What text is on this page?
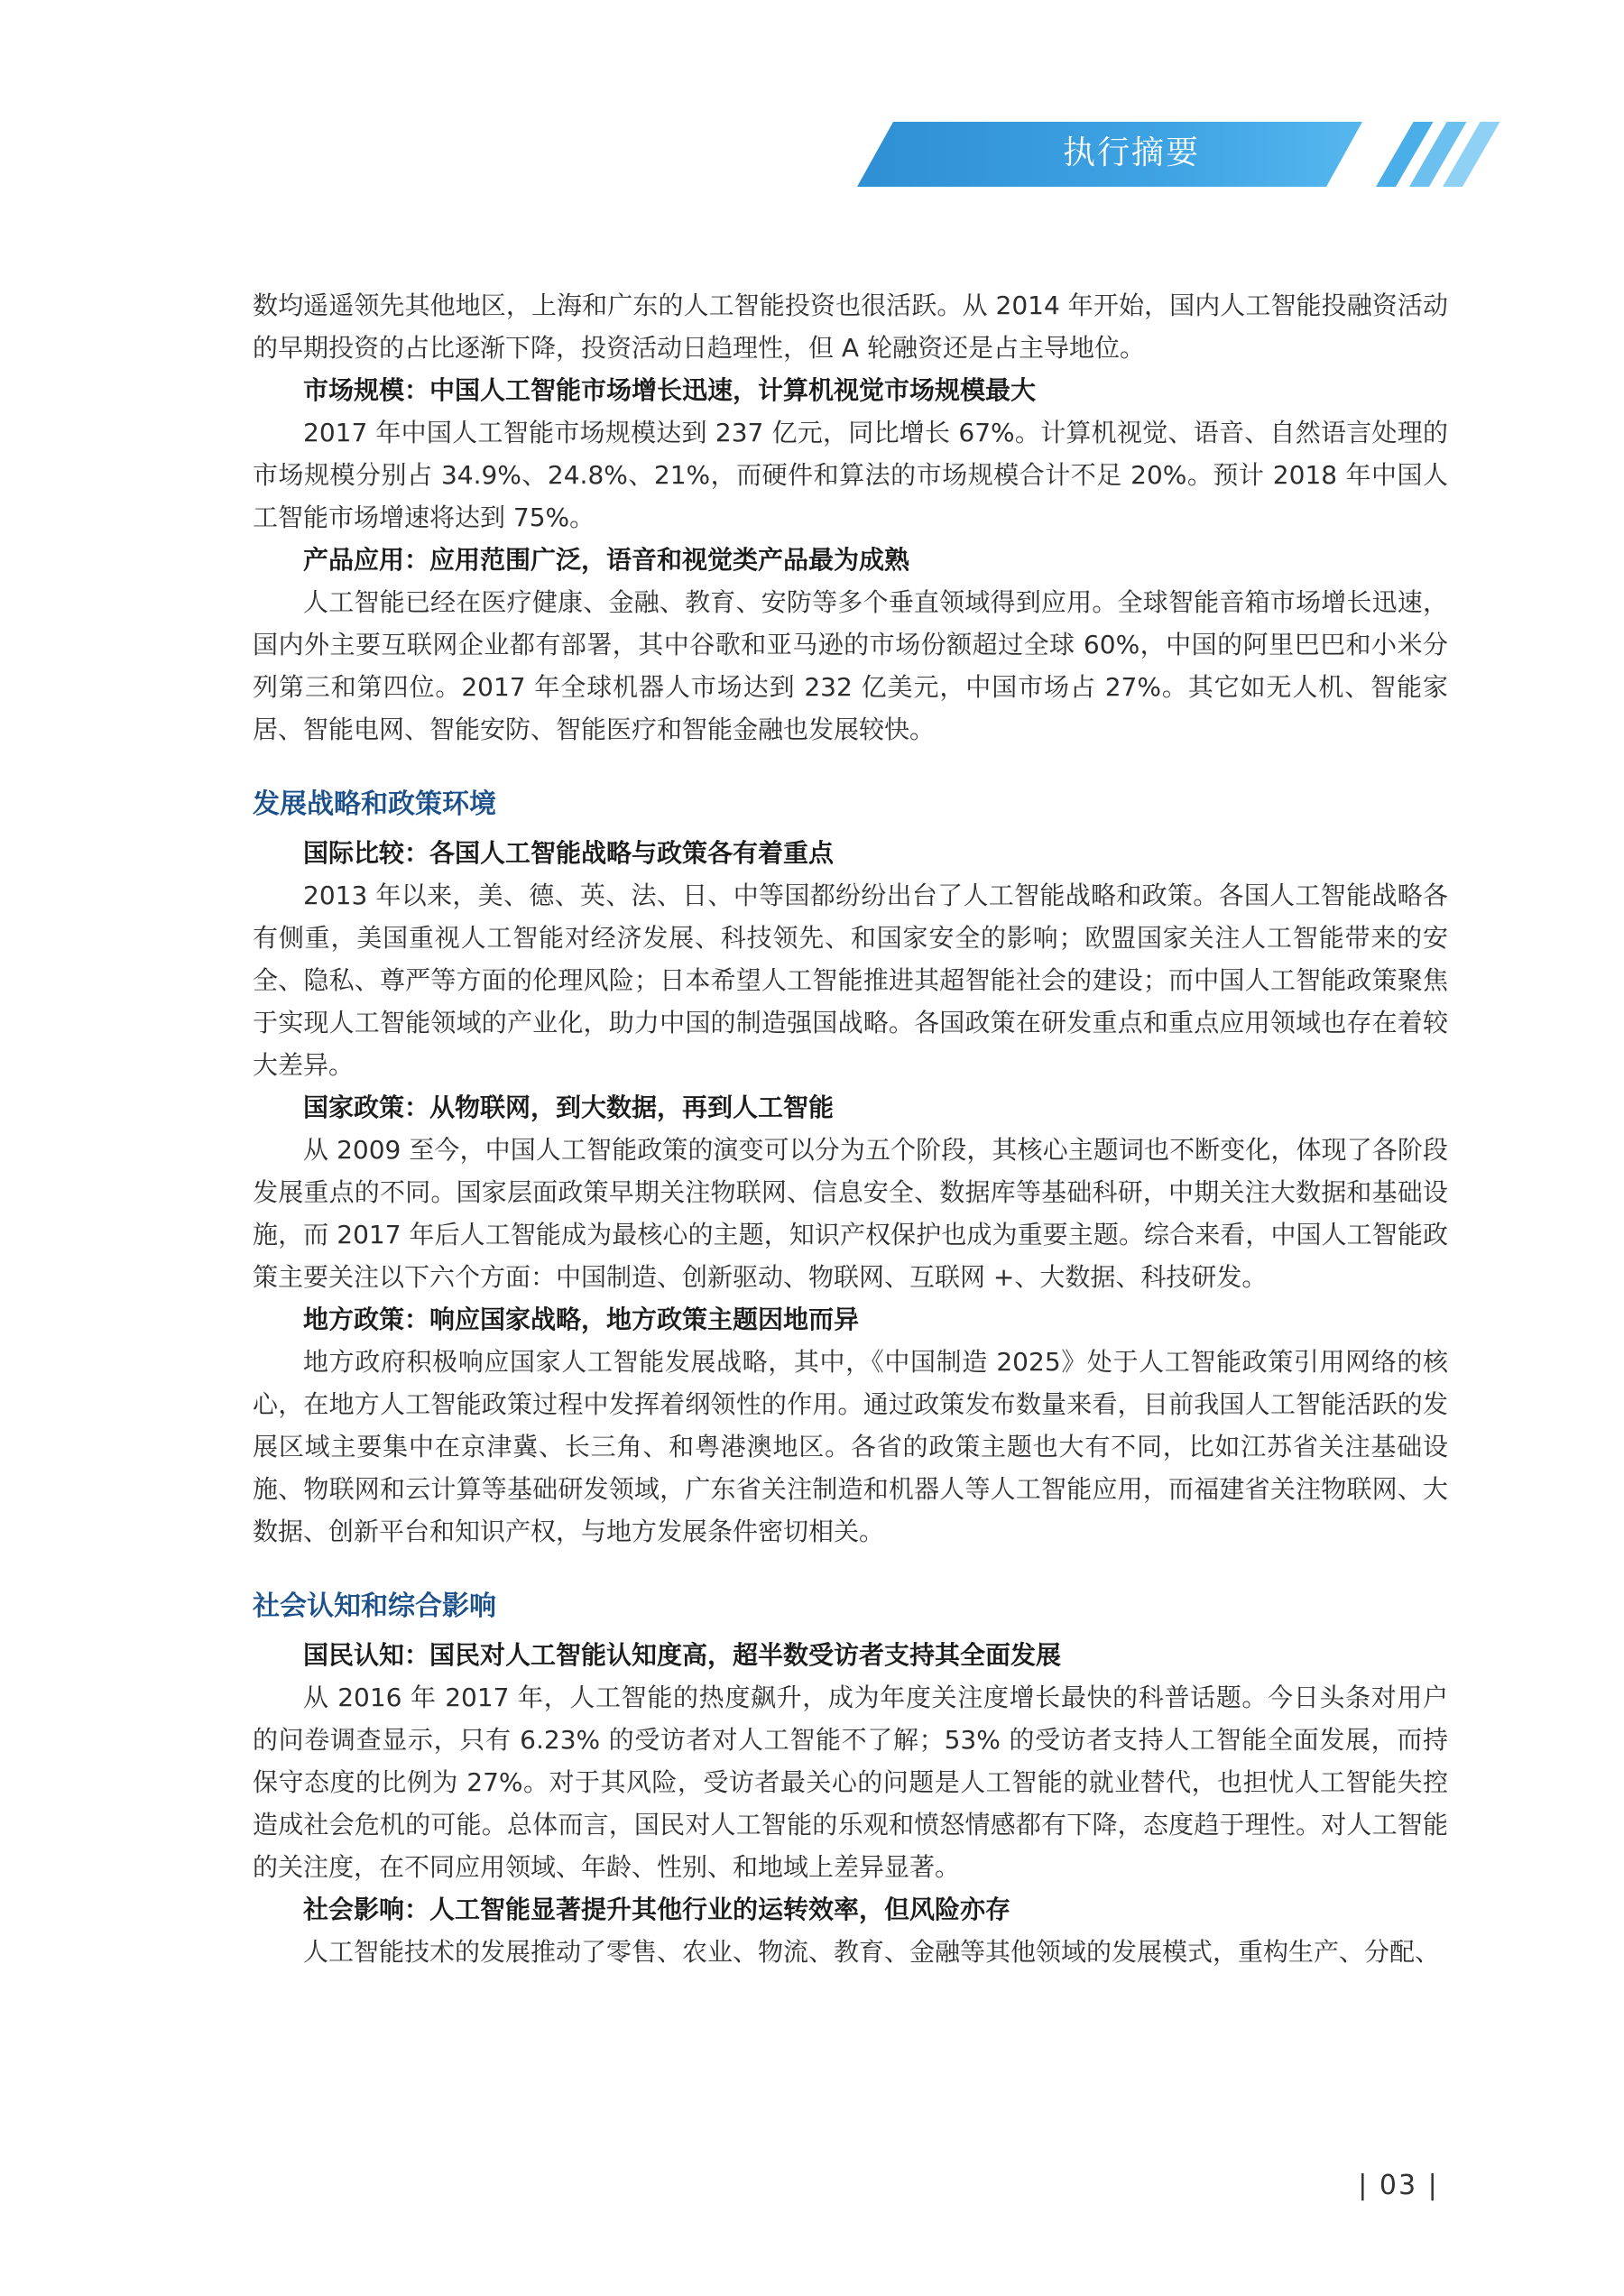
执行摘要

数均遥遥领先其他地区，上海和广东的人工智能投资也很活跃。从 2014 年开始，国内人工智能投融资活动的早期投资的占比逐渐下降，投资活动日趋理性，但 A 轮融资还是占主导地位。

市场规模：中国人工智能市场增长迅速，计算机视觉市场规模最大

2017 年中国人工智能市场规模达到 237 亿元，同比增长 67%。计算机视觉、语音、自然语言处理的市场规模分别占 34.9%、24.8%、21%，而硬件和算法的市场规模合计不足 20%。预计 2018 年中国人工智能市场增速将达到 75%。

产品应用：应用范围广泛，语音和视觉类产品最为成熟

人工智能已经在医疗健康、金融、教育、安防等多个垂直领域得到应用。全球智能音箱市场增长迅速，国内外主要互联网企业都有部署，其中谷歌和亚马逊的市场份额超过全球 60%，中国的阿里巴巴和小米分列第三和第四位。2017 年全球机器人市场达到 232 亿美元，中国市场占 27%。其它如无人机、智能家居、智能电网、智能安防、智能医疗和智能金融也发展较快。

发展战略和政策环境

国际比较：各国人工智能战略与政策各有着重点

2013 年以来，美、德、英、法、日、中等国都纷纷出台了人工智能战略和政策。各国人工智能战略各有侧重，美国重视人工智能对经济发展、科技领先、和国家安全的影响；欧盟国家关注人工智能带来的安全、隐私、尊严等方面的伦理风险；日本希望人工智能推进其超智能社会的建设；而中国人工智能政策聚焦于实现人工智能领域的产业化，助力中国的制造强国战略。各国政策在研发重点和重点应用领域也存在着较大差异。

国家政策：从物联网，到大数据，再到人工智能

从 2009 至今，中国人工智能政策的演变可以分为五个阶段，其核心主题词也不断变化，体现了各阶段发展重点的不同。国家层面政策早期关注物联网、信息安全、数据库等基础科研，中期关注大数据和基础设施，而 2017 年后人工智能成为最核心的主题，知识产权保护也成为重要主题。综合来看，中国人工智能政策主要关注以下六个方面：中国制造、创新驱动、物联网、互联网 +、大数据、科技研发。

地方政策：响应国家战略，地方政策主题因地而异

地方政府积极响应国家人工智能发展战略，其中，《中国制造 2025》处于人工智能政策引用网络的核心，在地方人工智能政策过程中发挥着纲领性的作用。通过政策发布数量来看，目前我国人工智能活跃的发展区域主要集中在京津冀、长三角、和粤港澳地区。各省的政策主题也大有不同，比如江苏省关注基础设施、物联网和云计算等基础研发领域，广东省关注制造和机器人等人工智能应用，而福建省关注物联网、大数据、创新平台和知识产权，与地方发展条件密切相关。

社会认知和综合影响

国民认知：国民对人工智能认知度高，超半数受访者支持其全面发展

从 2016 年 2017 年，人工智能的热度飙升，成为年度关注度增长最快的科普话题。今日头条对用户的问卷调查显示，只有 6.23% 的受访者对人工智能不了解；53% 的受访者支持人工智能全面发展，而持保守态度的比例为 27%。对于其风险，受访者最关心的问题是人工智能的就业替代，也担忧人工智能失控造成社会危机的可能。总体而言，国民对人工智能的乐观和愤怒情感都有下降，态度趋于理性。对人工智能的关注度，在不同应用领域、年龄、性别、和地域上差异显著。

社会影响：人工智能显著提升其他行业的运转效率，但风险亦存

人工智能技术的发展推动了零售、农业、物流、教育、金融等其他领域的发展模式，重构生产、分配、

| 03 |
